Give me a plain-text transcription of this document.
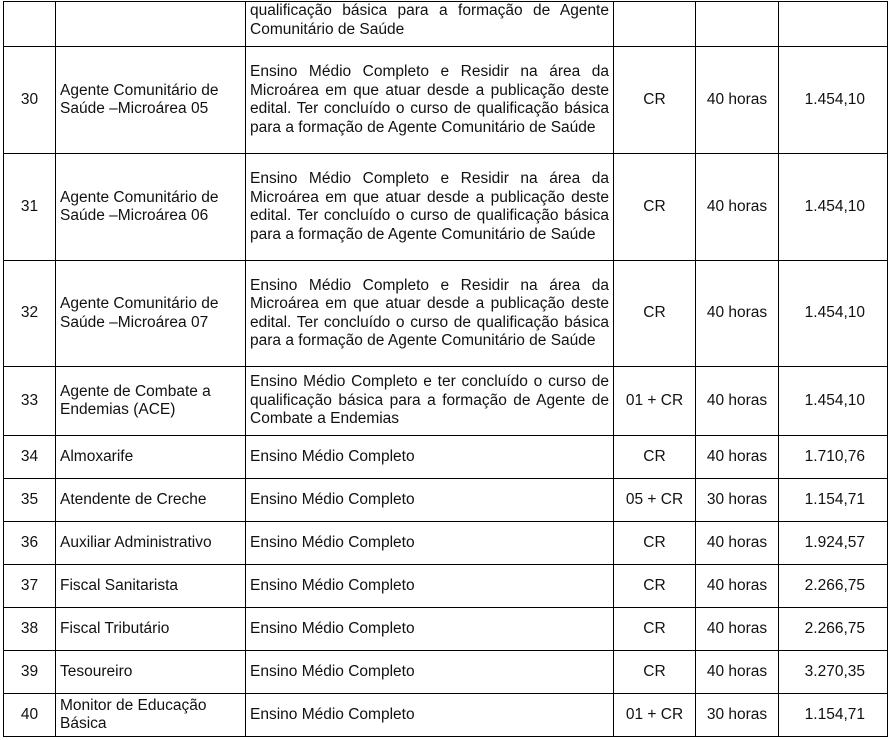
		qualificação básica para a formação de Agente Comunitário de Saúde			
30	Agente Comunitário de Saúde –Microárea 05	Ensino Médio Completo e Residir na área da Microárea em que atuar desde a publicação deste edital. Ter concluído o curso de qualificação básica para a formação de Agente Comunitário de Saúde	CR	40 horas	1.454,10
31	Agente Comunitário de Saúde –Microárea 06	Ensino Médio Completo e Residir na área da Microárea em que atuar desde a publicação deste edital. Ter concluído o curso de qualificação básica para a formação de Agente Comunitário de Saúde	CR	40 horas	1.454,10
32	Agente Comunitário de Saúde –Microárea 07	Ensino Médio Completo e Residir na área da Microárea em que atuar desde a publicação deste edital. Ter concluído o curso de qualificação básica para a formação de Agente Comunitário de Saúde	CR	40 horas	1.454,10
33	Agente de Combate a Endemias (ACE)	Ensino Médio Completo e ter concluído o curso de qualificação básica para a formação de Agente de Combate a Endemias	01 + CR	40 horas	1.454,10
34	Almoxarife	Ensino Médio Completo	CR	40 horas	1.710,76
35	Atendente de Creche	Ensino Médio Completo	05 + CR	30 horas	1.154,71
36	Auxiliar Administrativo	Ensino Médio Completo	CR	40 horas	1.924,57
37	Fiscal Sanitarista	Ensino Médio Completo	CR	40 horas	2.266,75
38	Fiscal Tributário	Ensino Médio Completo	CR	40 horas	2.266,75
39	Tesoureiro	Ensino Médio Completo	CR	40 horas	3.270,35
40	Monitor de Educação Básica	Ensino Médio Completo	01 + CR	30 horas	1.154,71
